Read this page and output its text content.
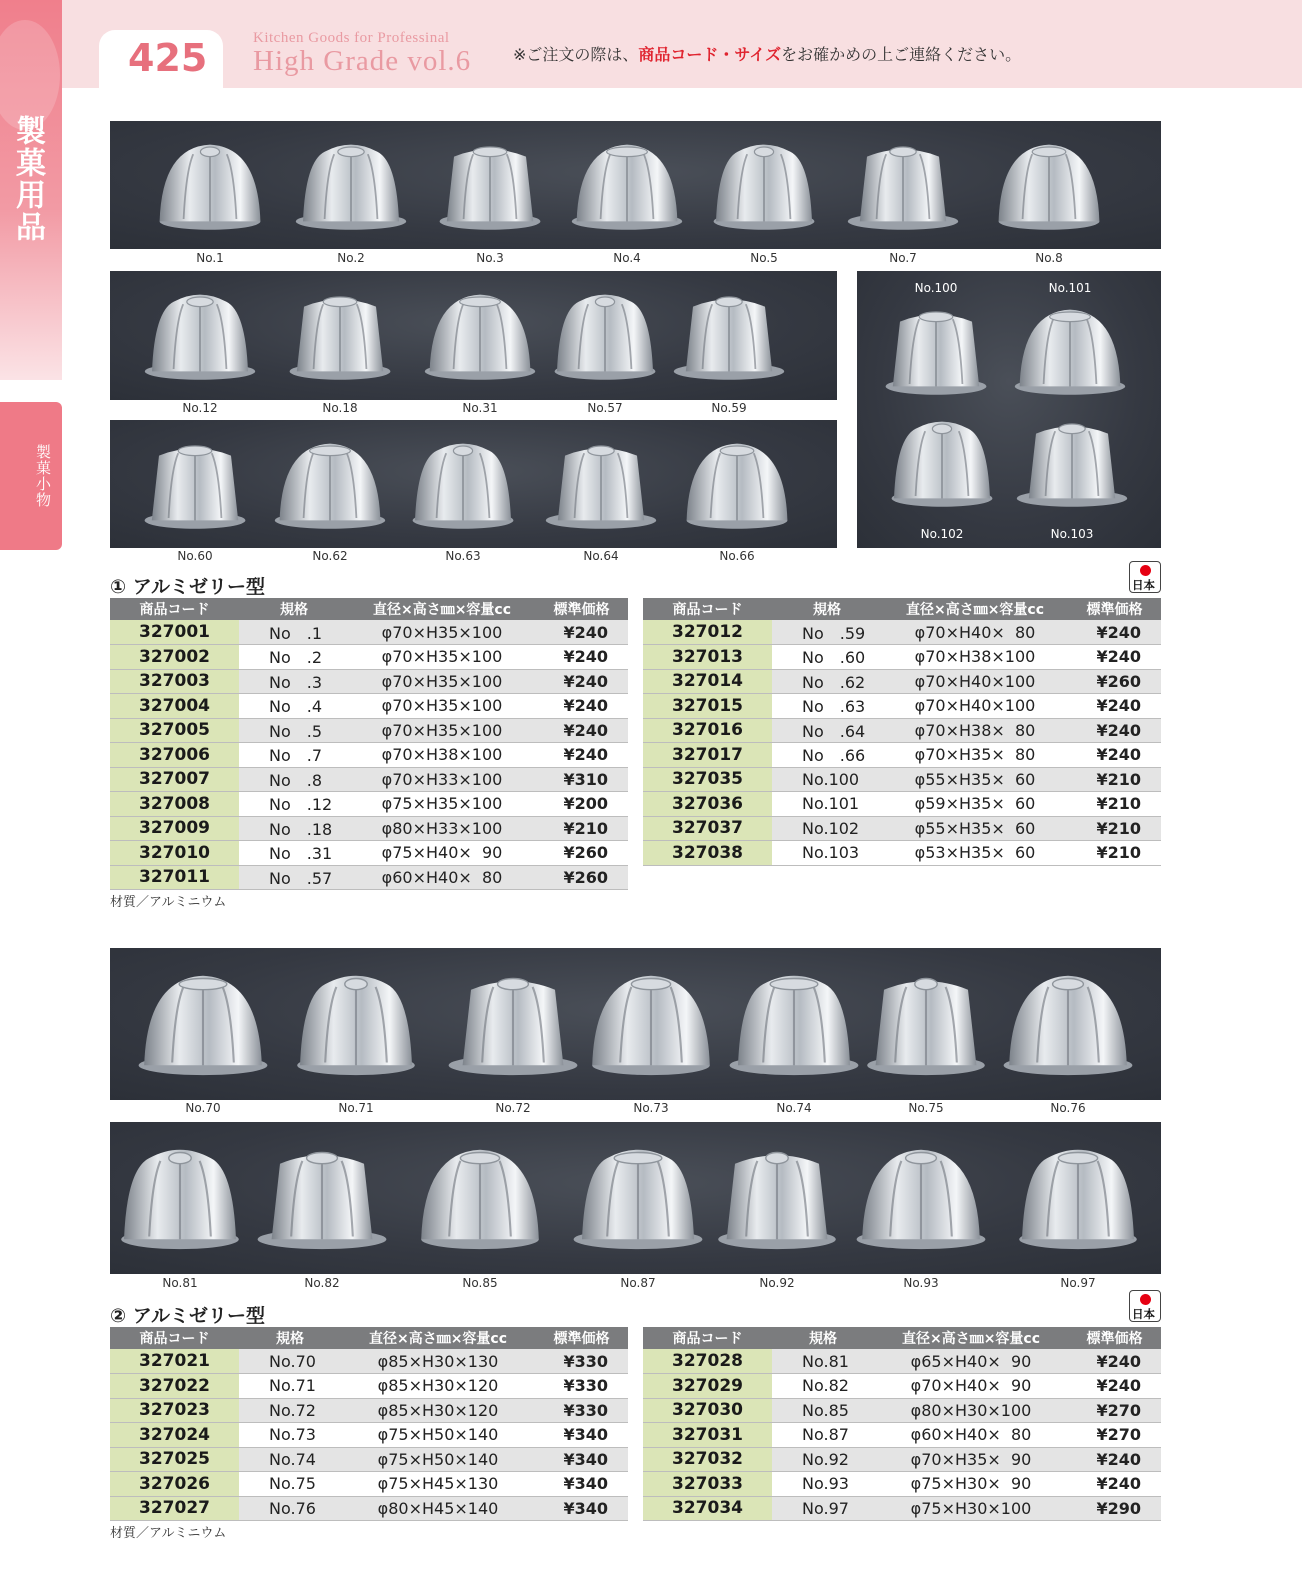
製菓用品
製菓小物
425	Kitchen Goods for Professinal
High Grade vol.6	※ご注文の際は、商品コード・サイズをお確かめの上ご連絡ください。
No.1	No.2	No.3	No.4	No.5	No.7	No.8
No.12	No.18	No.31	No.57	No.59
No.60	No.62	No.63	No.64	No.66
No.70	No.71	No.72	No.73	No.74	No.75	No.76
No.81	No.82	No.85	No.87	No.92	No.93	No.97
No.100	No.101
No.102	No.103
① アルミゼリー型	日本
商品コード	規格	直径×高さ㎜×容量cc	標準価格
327001	No　.1	φ70×H35×100	¥240
327002	No　.2	φ70×H35×100	¥240
327003	No　.3	φ70×H35×100	¥240
327004	No　.4	φ70×H35×100	¥240
327005	No　.5	φ70×H35×100	¥240
327006	No　.7	φ70×H38×100	¥240
327007	No　.8	φ70×H33×100	¥310
327008	No　.12	φ75×H35×100	¥200
327009	No　.18	φ80×H33×100	¥210
327010	No　.31	φ75×H40× 90	¥260
327011	No　.57	φ60×H40× 80	¥260
商品コード	規格	直径×高さ㎜×容量cc	標準価格
327012	No　.59	φ70×H40× 80	¥240
327013	No　.60	φ70×H38×100	¥240
327014	No　.62	φ70×H40×100	¥260
327015	No　.63	φ70×H40×100	¥240
327016	No　.64	φ70×H38× 80	¥240
327017	No　.66	φ70×H35× 80	¥240
327035	No.100	φ55×H35× 60	¥210
327036	No.101	φ59×H35× 60	¥210
327037	No.102	φ55×H35× 60	¥210
327038	No.103	φ53×H35× 60	¥210
材質／アルミニウム
② アルミゼリー型	日本
商品コード	規格	直径×高さ㎜×容量cc	標準価格
327021	No.70	φ85×H30×130	¥330
327022	No.71	φ85×H30×120	¥330
327023	No.72	φ85×H30×120	¥330
327024	No.73	φ75×H50×140	¥340
327025	No.74	φ75×H50×140	¥340
327026	No.75	φ75×H45×130	¥340
327027	No.76	φ80×H45×140	¥340
商品コード	規格	直径×高さ㎜×容量cc	標準価格
327028	No.81	φ65×H40× 90	¥240
327029	No.82	φ70×H40× 90	¥240
327030	No.85	φ80×H30×100	¥270
327031	No.87	φ60×H40× 80	¥270
327032	No.92	φ70×H35× 90	¥240
327033	No.93	φ75×H30× 90	¥240
327034	No.97	φ75×H30×100	¥290
材質／アルミニウム
